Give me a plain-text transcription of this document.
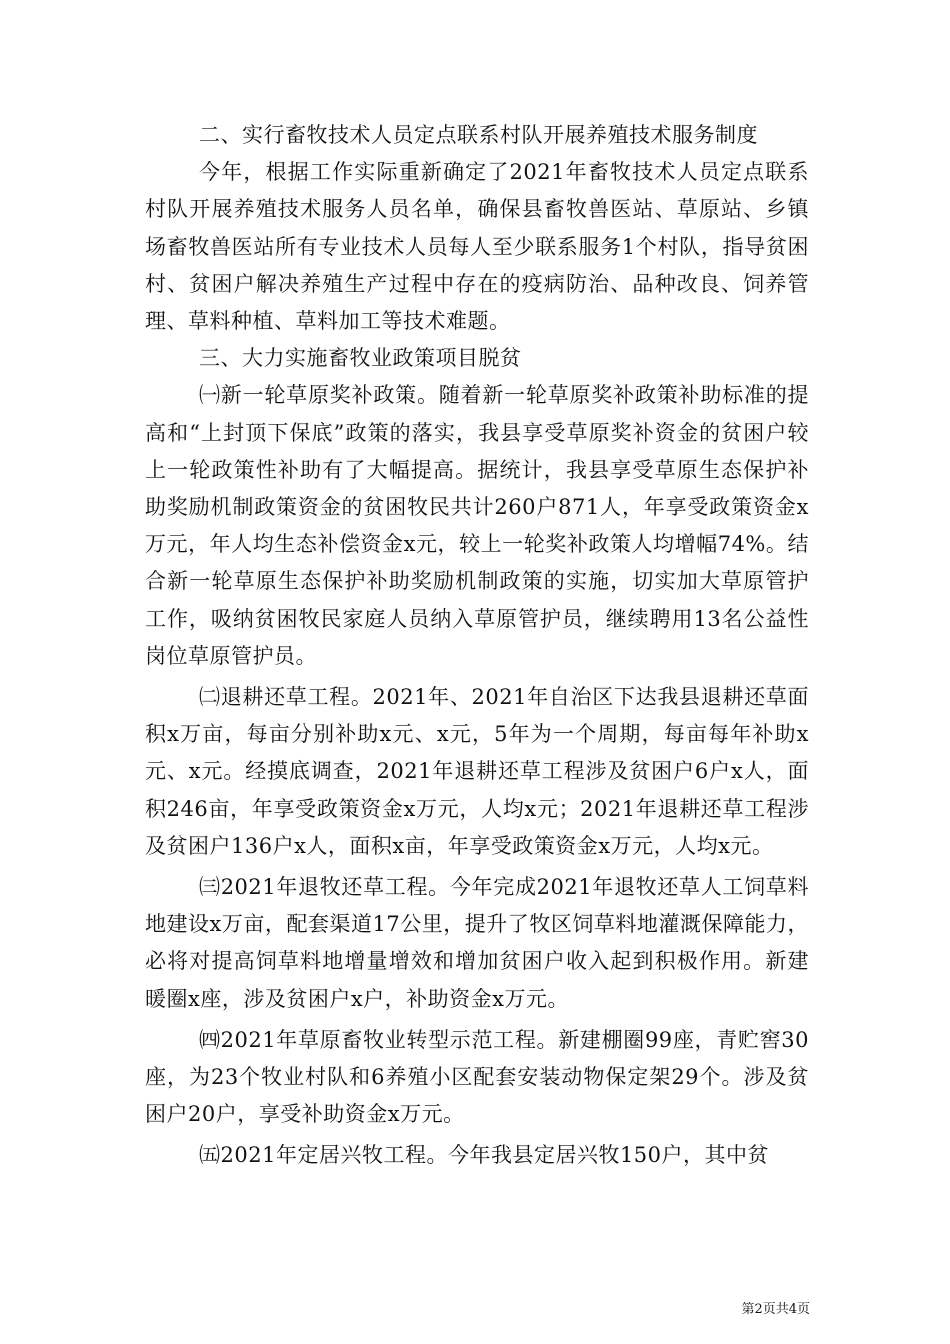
二、实行畜牧技术人员定点联系村队开展养殖技术服务制度

今年，根据工作实际重新确定了2021年畜牧技术人员定点联系村队开展养殖技术服务人员名单，确保县畜牧兽医站、草原站、乡镇场畜牧兽医站所有专业技术人员每人至少联系服务1个村队，指导贫困村、贫困户解决养殖生产过程中存在的疫病防治、品种改良、饲养管理、草料种植、草料加工等技术难题。

三、大力实施畜牧业政策项目脱贫

㈠新一轮草原奖补政策。随着新一轮草原奖补政策补助标准的提高和“上封顶下保底”政策的落实，我县享受草原奖补资金的贫困户较上一轮政策性补助有了大幅提高。据统计，我县享受草原生态保护补助奖励机制政策资金的贫困牧民共计260户871人，年享受政策资金x万元，年人均生态补偿资金x元，较上一轮奖补政策人均增幅74%。结合新一轮草原生态保护补助奖励机制政策的实施，切实加大草原管护工作，吸纳贫困牧民家庭人员纳入草原管护员，继续聘用13名公益性岗位草原管护员。

㈡退耕还草工程。2021年、2021年自治区下达我县退耕还草面积x万亩，每亩分别补助x元、x元，5年为一个周期，每亩每年补助x元、x元。经摸底调查，2021年退耕还草工程涉及贫困户6户x人，面积246亩，年享受政策资金x万元，人均x元；2021年退耕还草工程涉及贫困户136户x人，面积x亩，年享受政策资金x万元，人均x元。

㈢2021年退牧还草工程。今年完成2021年退牧还草人工饲草料地建设x万亩，配套渠道17公里，提升了牧区饲草料地灌溉保障能力，必将对提高饲草料地增量增效和增加贫困户收入起到积极作用。新建暖圈x座，涉及贫困户x户，补助资金x万元。

㈣2021年草原畜牧业转型示范工程。新建棚圈99座，青贮窖30座，为23个牧业村队和6养殖小区配套安装动物保定架29个。涉及贫困户20户，享受补助资金x万元。

㈤2021年定居兴牧工程。今年我县定居兴牧150户，其中贫

第2页共4页
